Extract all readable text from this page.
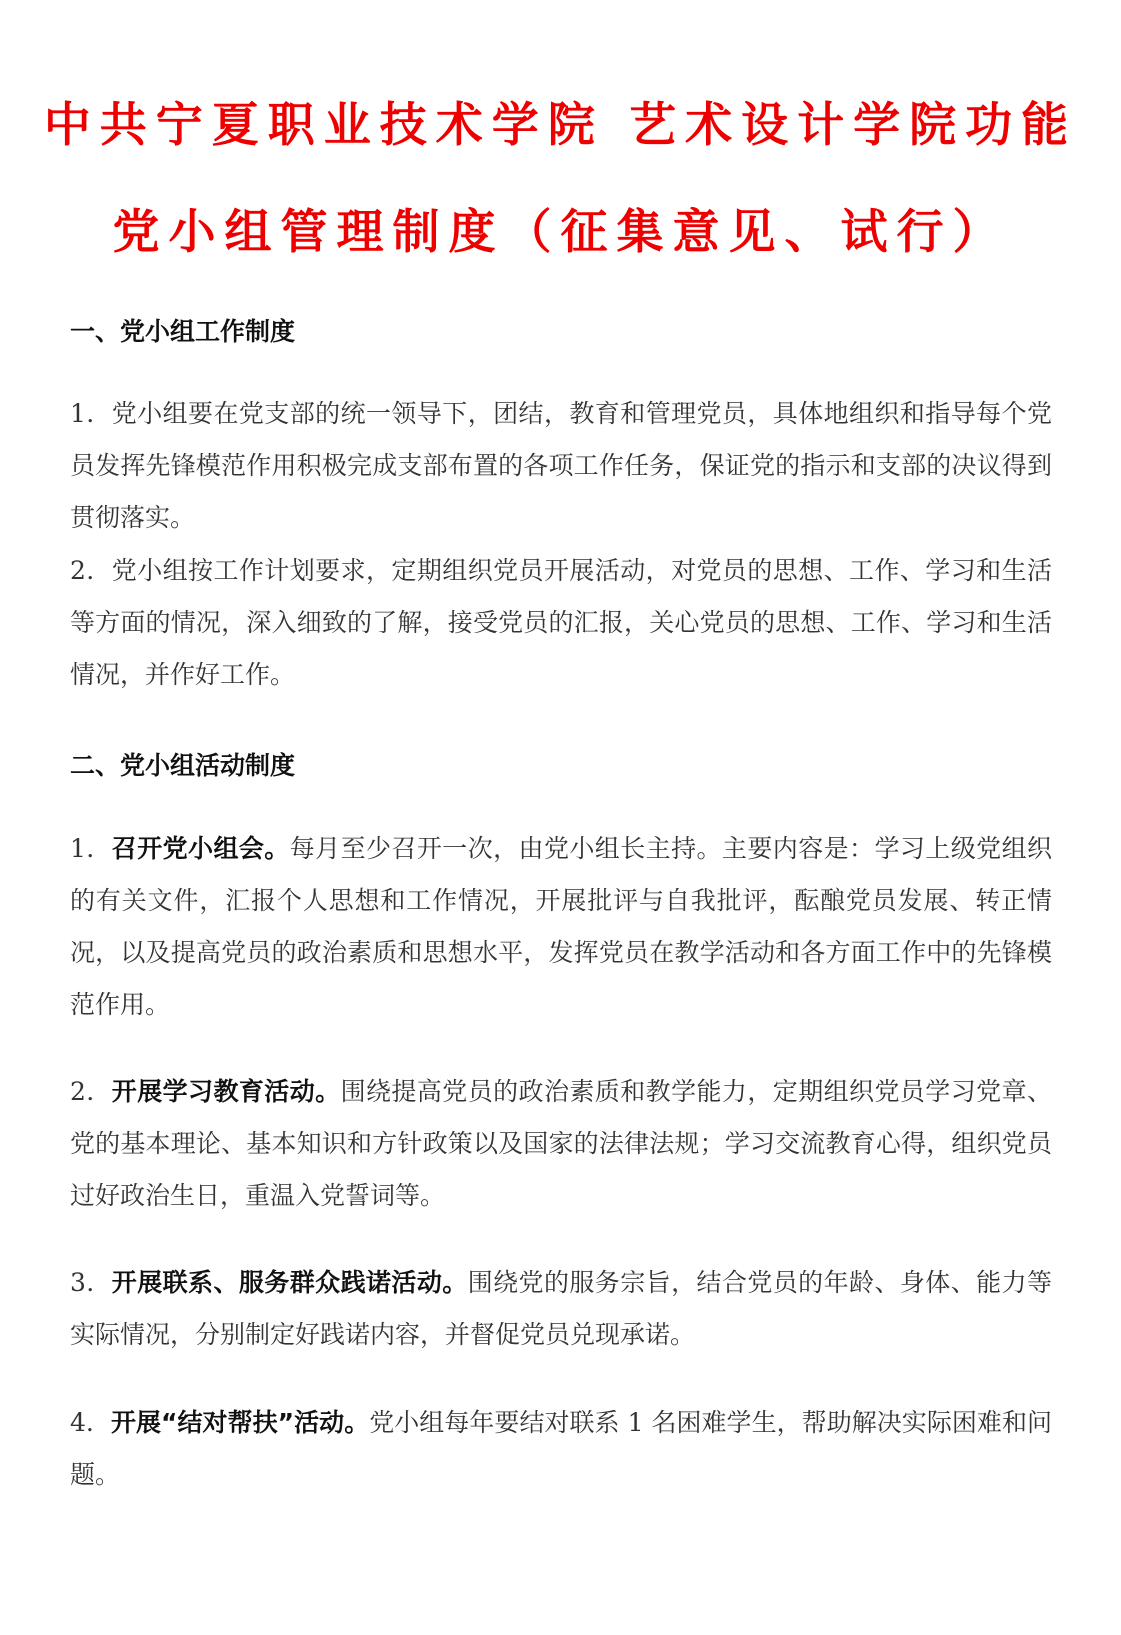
中共宁夏职业技术学院 艺术设计学院功能
党小组管理制度（征集意见、试行）
一、党小组工作制度

1．党小组要在党支部的统一领导下，团结，教育和管理党员，具体地组织和指导每个党员发挥先锋模范作用积极完成支部布置的各项工作任务，保证党的指示和支部的决议得到贯彻落实。

2．党小组按工作计划要求，定期组织党员开展活动，对党员的思想、工作、学习和生活等方面的情况，深入细致的了解，接受党员的汇报，关心党员的思想、工作、学习和生活情况，并作好工作。

二、党小组活动制度

1．召开党小组会。每月至少召开一次，由党小组长主持。主要内容是：学习上级党组织的有关文件，汇报个人思想和工作情况，开展批评与自我批评，酝酿党员发展、转正情况，以及提高党员的政治素质和思想水平，发挥党员在教学活动和各方面工作中的先锋模范作用。

2．开展学习教育活动。围绕提高党员的政治素质和教学能力，定期组织党员学习党章、党的基本理论、基本知识和方针政策以及国家的法律法规；学习交流教育心得，组织党员过好政治生日，重温入党誓词等。

3．开展联系、服务群众践诺活动。围绕党的服务宗旨，结合党员的年龄、身体、能力等实际情况，分别制定好践诺内容，并督促党员兑现承诺。

4．开展“结对帮扶”活动。党小组每年要结对联系 1 名困难学生，帮助解决实际困难和问题。
